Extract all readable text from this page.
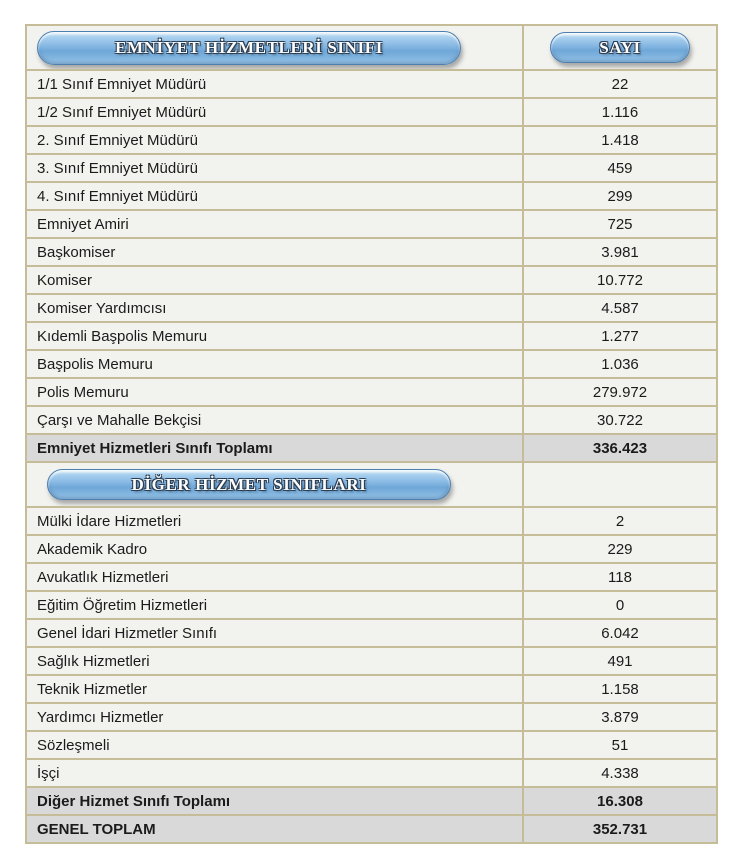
EMNİYET HİZMETLERİ SINIFI	SAYI

1/1 Sınıf Emniyet Müdürü	22
1/2 Sınıf Emniyet Müdürü	1.116
2. Sınıf Emniyet Müdürü	1.418
3. Sınıf Emniyet Müdürü	459
4. Sınıf Emniyet Müdürü	299
Emniyet Amiri	725
Başkomiser	3.981
Komiser	10.772
Komiser Yardımcısı	4.587
Kıdemli Başpolis Memuru	1.277
Başpolis Memuru	1.036
Polis Memuru	279.972
Çarşı ve Mahalle Bekçisi	30.722
Emniyet Hizmetleri Sınıfı Toplamı	336.423

DİĞER HİZMET SINIFLARI	

Mülki İdare Hizmetleri	2
Akademik Kadro	229
Avukatlık Hizmetleri	118
Eğitim Öğretim Hizmetleri	0
Genel İdari Hizmetler Sınıfı	6.042
Sağlık Hizmetleri	491
Teknik Hizmetler	1.158
Yardımcı Hizmetler	3.879
Sözleşmeli	51
İşçi	4.338
Diğer Hizmet Sınıfı Toplamı	16.308
GENEL TOPLAM	352.731
